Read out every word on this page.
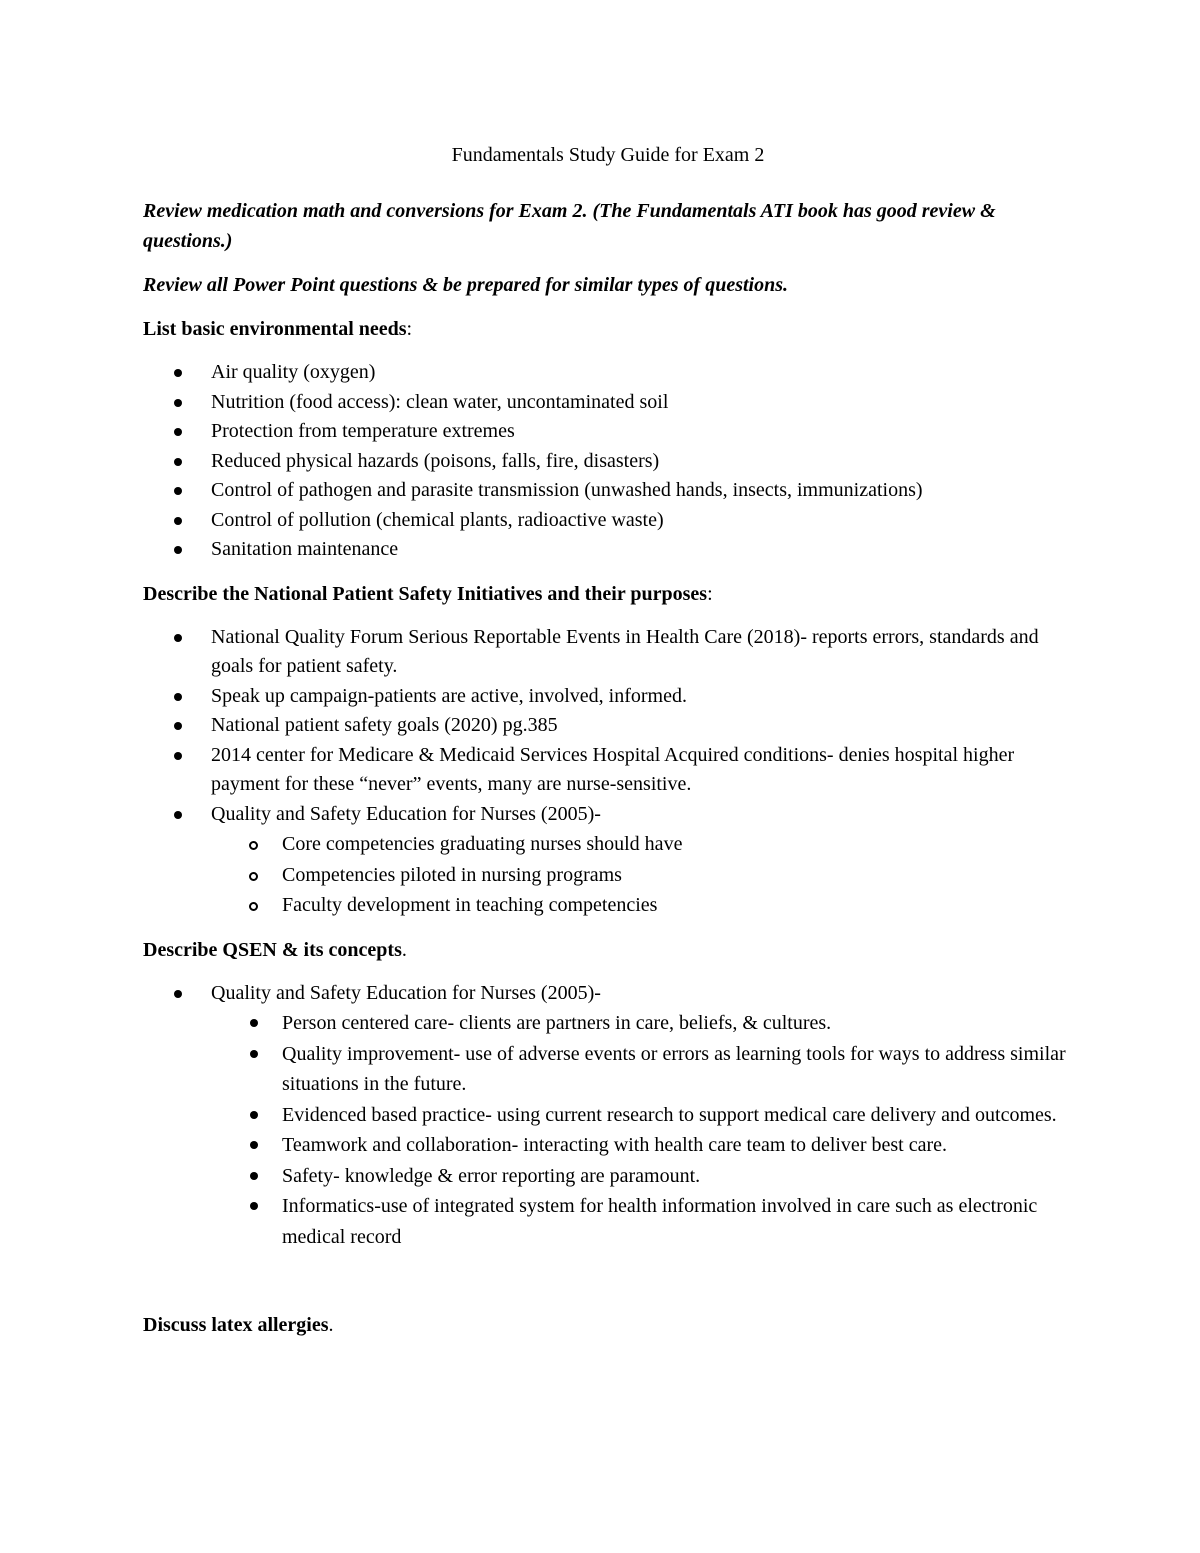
Fundamentals Study Guide for Exam 2

Review medication math and conversions for Exam 2. (The Fundamentals ATI book has good review & questions.)

Review all Power Point questions & be prepared for similar types of questions.

List basic environmental needs:

Air quality (oxygen)
Nutrition (food access): clean water, uncontaminated soil
Protection from temperature extremes
Reduced physical hazards (poisons, falls, fire, disasters)
Control of pathogen and parasite transmission (unwashed hands, insects, immunizations)
Control of pollution (chemical plants, radioactive waste)
Sanitation maintenance

Describe the National Patient Safety Initiatives and their purposes:

National Quality Forum Serious Reportable Events in Health Care (2018)- reports errors, standards and goals for patient safety.
Speak up campaign-patients are active, involved, informed.
National patient safety goals (2020) pg.385
2014 center for Medicare & Medicaid Services Hospital Acquired conditions- denies hospital higher payment for these “never” events, many are nurse-sensitive.
Quality and Safety Education for Nurses (2005)-
Core competencies graduating nurses should have
Competencies piloted in nursing programs
Faculty development in teaching competencies

Describe QSEN & its concepts.

Quality and Safety Education for Nurses (2005)-
Person centered care- clients are partners in care, beliefs, & cultures.
Quality improvement- use of adverse events or errors as learning tools for ways to address similar situations in the future.
Evidenced based practice- using current research to support medical care delivery and outcomes.
Teamwork and collaboration- interacting with health care team to deliver best care.
Safety- knowledge & error reporting are paramount.
Informatics-use of integrated system for health information involved in care such as electronic medical record

Discuss latex allergies.
